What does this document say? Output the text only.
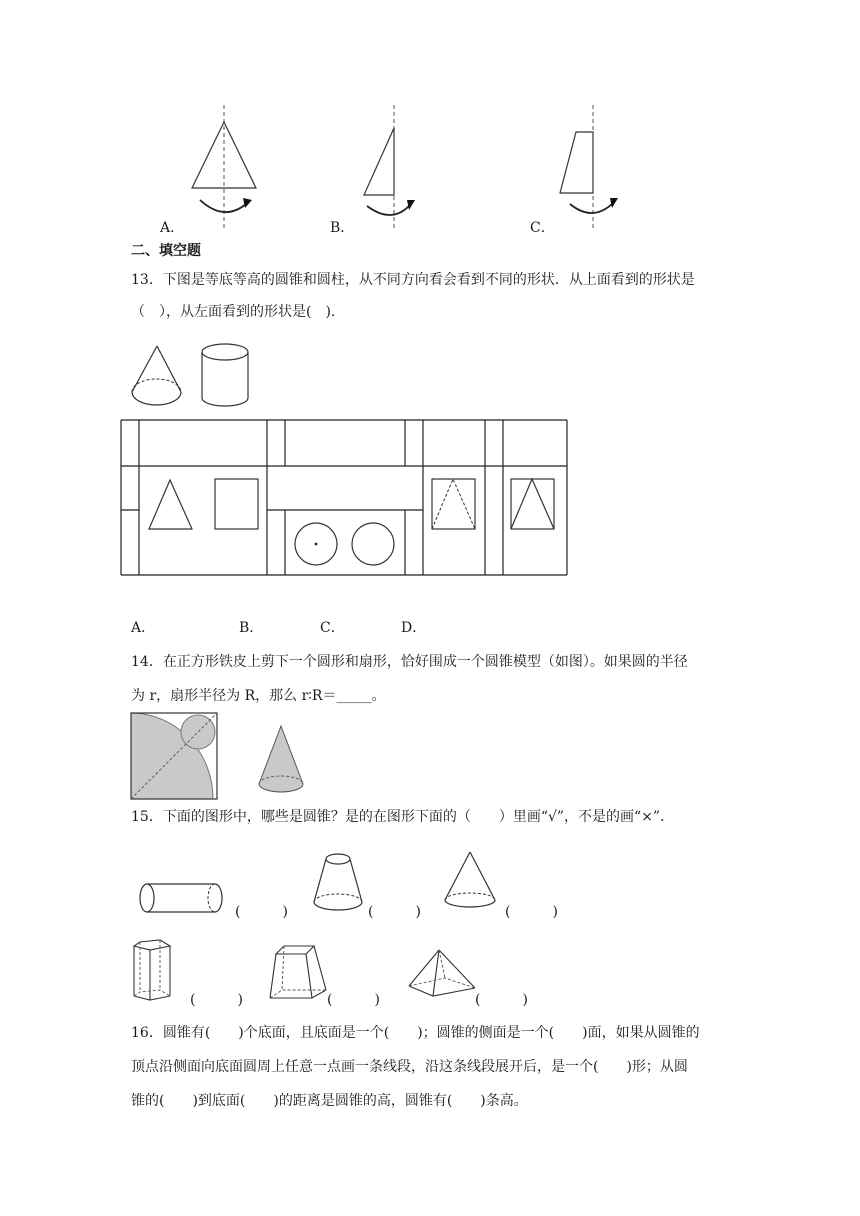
A．	B．	C．
二、填空题
13．下图是等底等高的圆锥和圆柱，从不同方向看会看到不同的形状．从上面看到的形状是
（　），从左面看到的形状是(　)．
A．	B．	C．	D．
14．在正方形铁皮上剪下一个圆形和扇形，恰好围成一个圆锥模型（如图）。如果圆的半径
为 r，扇形半径为 R，那么 r∶R＝_____。
15．下面的图形中，哪些是圆锥？是的在图形下面的（　　）里画“√”，不是的画“×”．
(　　　)	(　　　)	(　　　)
(　　　)	(　　　)	(　　　)
16．圆锥有(　　)个底面，且底面是一个(　　)；圆锥的侧面是一个(　　)面，如果从圆锥的
顶点沿侧面向底面圆周上任意一点画一条线段，沿这条线段展开后，是一个(　　)形；从圆
锥的(　　)到底面(　　)的距离是圆锥的高，圆锥有(　　)条高。
